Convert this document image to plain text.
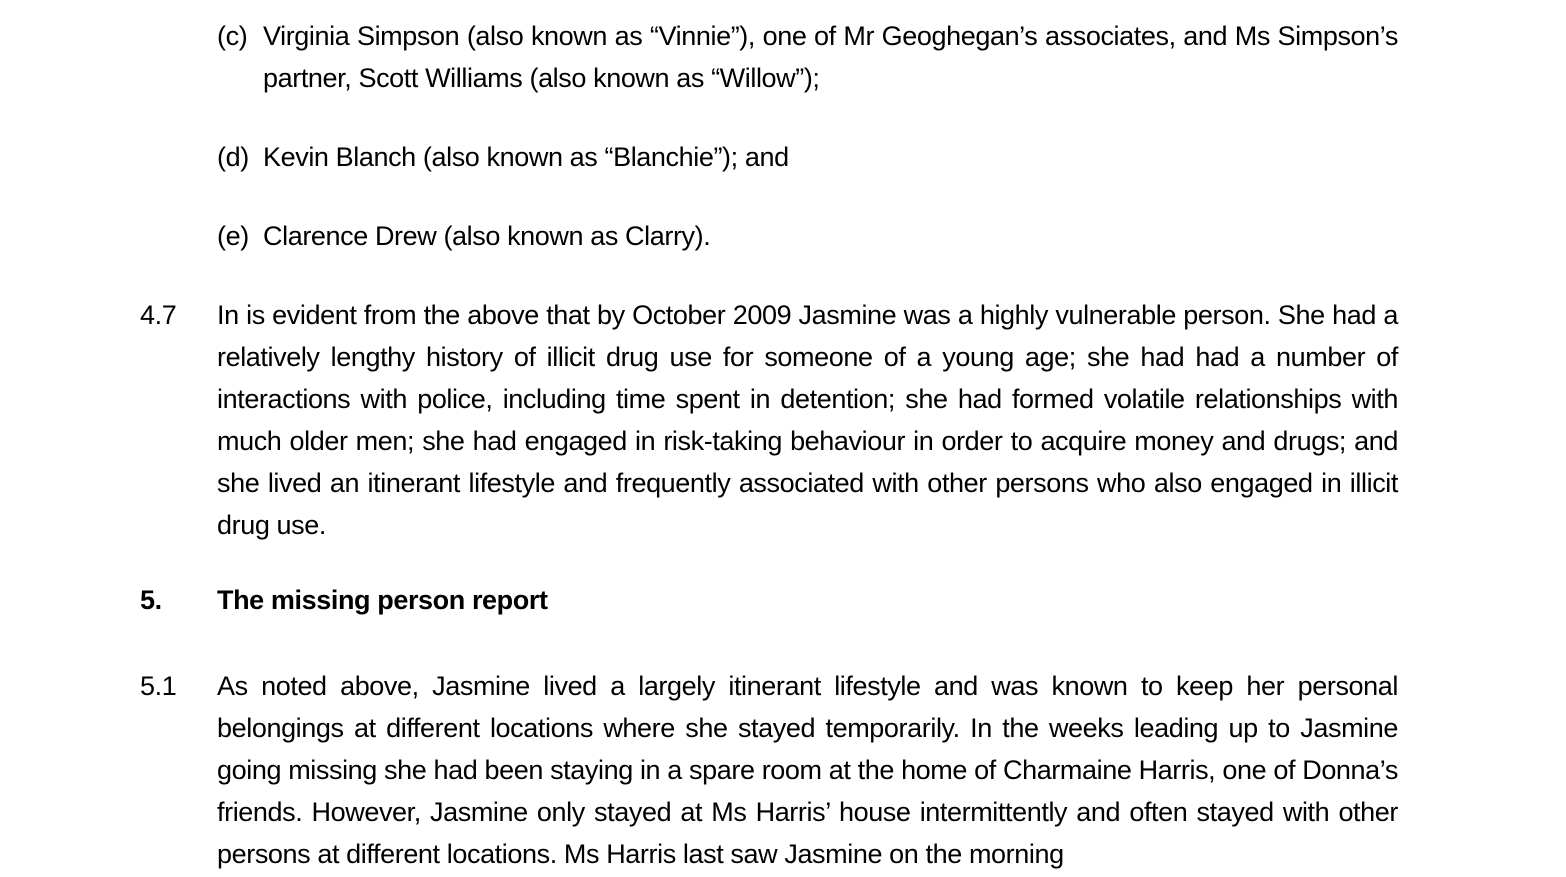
(c) Virginia Simpson (also known as “Vinnie”), one of Mr Geoghegan’s associates, and Ms Simpson’s partner, Scott Williams (also known as “Willow”);
(d) Kevin Blanch (also known as “Blanchie”); and
(e) Clarence Drew (also known as Clarry).
4.7	In is evident from the above that by October 2009 Jasmine was a highly vulnerable person. She had a relatively lengthy history of illicit drug use for someone of a young age; she had had a number of interactions with police, including time spent in detention; she had formed volatile relationships with much older men; she had engaged in risk-taking behaviour in order to acquire money and drugs; and she lived an itinerant lifestyle and frequently associated with other persons who also engaged in illicit drug use.
5.	The missing person report
5.1	As noted above, Jasmine lived a largely itinerant lifestyle and was known to keep her personal belongings at different locations where she stayed temporarily. In the weeks leading up to Jasmine going missing she had been staying in a spare room at the home of Charmaine Harris, one of Donna’s friends. However, Jasmine only stayed at Ms Harris’ house intermittently and often stayed with other persons at different locations. Ms Harris last saw Jasmine on the morning
